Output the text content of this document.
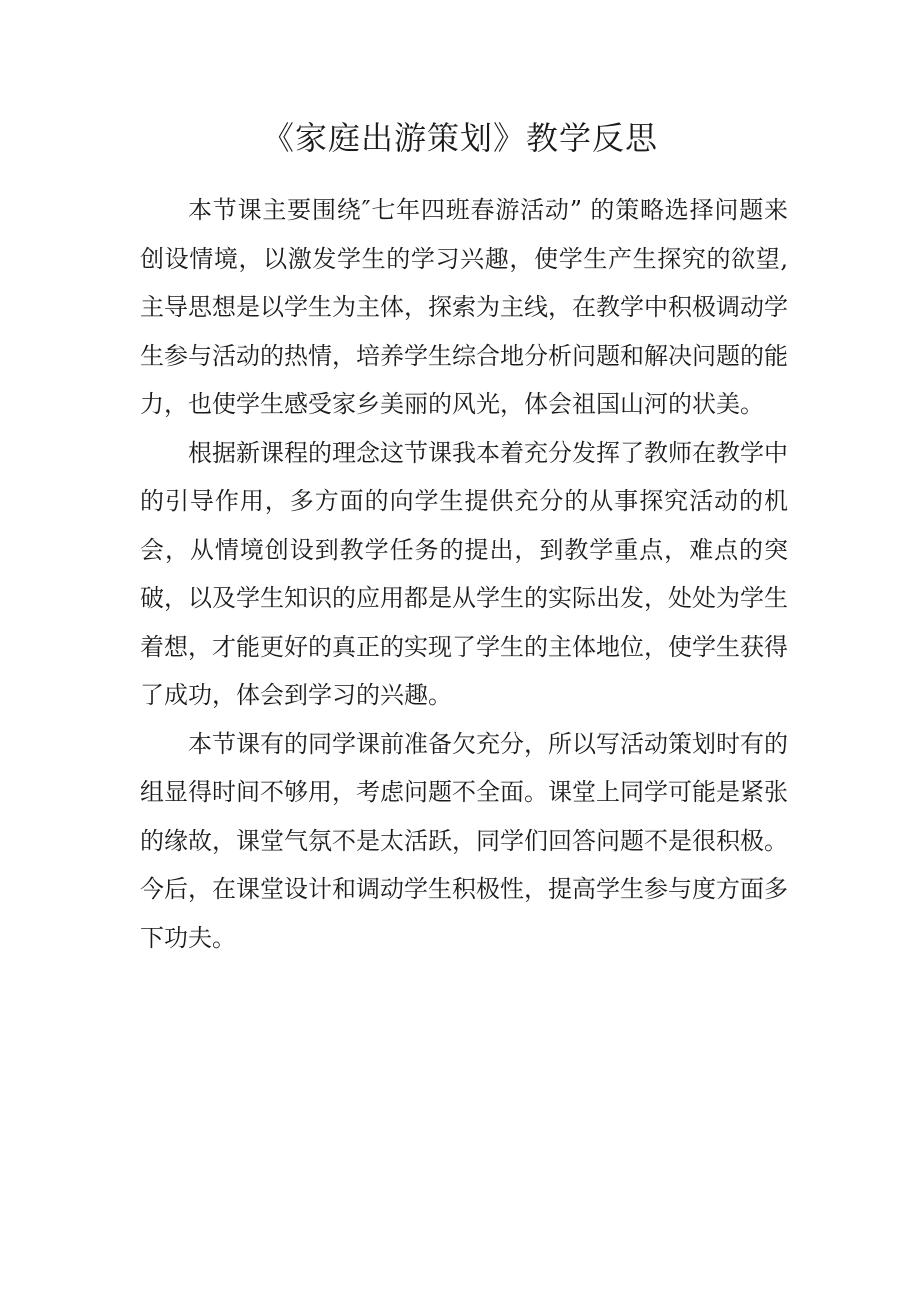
《家庭出游策划》教学反思

本节课主要围绕″七年四班春游活动” 的策略选择问题来创设情境，以激发学生的学习兴趣，使学生产生探究的欲望,主导思想是以学生为主体，探索为主线，在教学中积极调动学生参与活动的热情，培养学生综合地分析问题和解决问题的能力，也使学生感受家乡美丽的风光，体会祖国山河的状美。

根据新课程的理念这节课我本着充分发挥了教师在教学中的引导作用，多方面的向学生提供充分的从事探究活动的机会，从情境创设到教学任务的提出，到教学重点，难点的突破，以及学生知识的应用都是从学生的实际出发，处处为学生着想，才能更好的真正的实现了学生的主体地位，使学生获得了成功，体会到学习的兴趣。

本节课有的同学课前准备欠充分，所以写活动策划时有的组显得时间不够用，考虑问题不全面。课堂上同学可能是紧张的缘故，课堂气氛不是太活跃，同学们回答问题不是很积极。今后，在课堂设计和调动学生积极性，提高学生参与度方面多下功夫。
